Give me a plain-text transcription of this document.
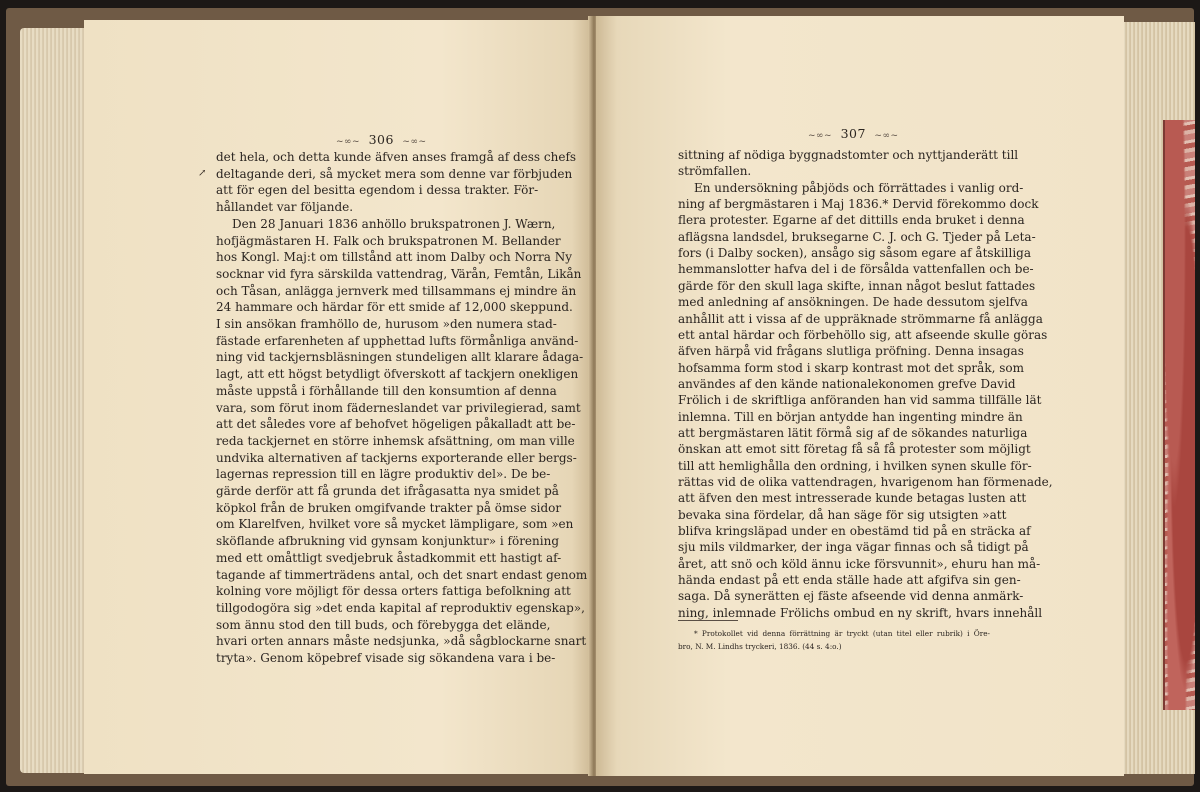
~∞~ 306 ~∞~
↗
det hela, och detta kunde äfven anses framgå af dess chefs
deltagande deri, så mycket mera som denne var förbjuden
att för egen del besitta egendom i dessa trakter. För-
hållandet var följande.
Den 28 Januari 1836 anhöllo brukspatronen J. Wærn,
hofjägmästaren H. Falk och brukspatronen M. Bellander
hos Kongl. Maj:t om tillstånd att inom Dalby och Norra Ny
socknar vid fyra särskilda vattendrag, Värån, Femtån, Likån
och Tåsan, anlägga jernverk med tillsammans ej mindre än
24 hammare och härdar för ett smide af 12,000 skeppund.
I sin ansökan framhöllo de, hurusom »den numera stad-
fästade erfarenheten af upphettad lufts förmånliga använd-
ning vid tackjernsbläsningen stundeligen allt klarare ådaga-
lagt, att ett högst betydligt öfverskott af tackjern onekligen
måste uppstå i förhållande till den konsumtion af denna
vara, som förut inom fäderneslandet var privilegierad, samt
att det således vore af behofvet högeligen påkalladt att be-
reda tackjernet en större inhemsk afsättning, om man ville
undvika alternativen af tackjerns exporterande eller bergs-
lagernas repression till en lägre produktiv del». De be-
gärde derför att få grunda det ifrågasatta nya smidet på
köpkol från de bruken omgifvande trakter på ömse sidor
om Klarelfven, hvilket vore så mycket lämpligare, som »en
sköflande afbrukning vid gynsam konjunktur» i förening
med ett omåttligt svedjebruk åstadkommit ett hastigt af-
tagande af timmerträdens antal, och det snart endast genom
kolning vore möjligt för dessa orters fattiga befolkning att
tillgodogöra sig »det enda kapital af reproduktiv egenskap»,
som ännu stod den till buds, och förebygga det elände,
hvari orten annars måste nedsjunka, »då sågblockarne snart
tryta». Genom köpebref visade sig sökandena vara i be-
~∞~ 307 ~∞~
sittning af nödiga byggnadstomter och nyttjanderätt till
strömfallen.
En undersökning påbjöds och förrättades i vanlig ord-
ning af bergmästaren i Maj 1836.* Dervid förekommo dock
flera protester. Egarne af det dittills enda bruket i denna
aflägsna landsdel, bruksegarne C. J. och G. Tjeder på Leta-
fors (i Dalby socken), ansågo sig såsom egare af åtskilliga
hemmanslotter hafva del i de försålda vattenfallen och be-
gärde för den skull laga skifte, innan något beslut fattades
med anledning af ansökningen. De hade dessutom sjelfva
anhållit att i vissa af de uppräknade strömmarne få anlägga
ett antal härdar och förbehöllo sig, att afseende skulle göras
äfven härpå vid frågans slutliga pröfning. Denna insagas
hofsamma form stod i skarp kontrast mot det språk, som
användes af den kände nationalekonomen grefve David
Frölich i de skriftliga anföranden han vid samma tillfälle lät
inlemna. Till en början antydde han ingenting mindre än
att bergmästaren lätit förmå sig af de sökandes naturliga
önskan att emot sitt företag få så få protester som möjligt
till att hemlighålla den ordning, i hvilken synen skulle för-
rättas vid de olika vattendragen, hvarigenom han förmenade,
att äfven den mest intresserade kunde betagas lusten att
bevaka sina fördelar, då han säge för sig utsigten »att
blifva kringsläpad under en obestämd tid på en sträcka af
sju mils vildmarker, der inga vägar finnas och så tidigt på
året, att snö och köld ännu icke försvunnit», ehuru han må-
hända endast på ett enda ställe hade att afgifva sin gen-
saga. Då synerätten ej fäste afseende vid denna anmärk-
ning, inlemnade Frölichs ombud en ny skrift, hvars innehåll
* Protokollet vid denna förrättning är tryckt (utan titel eller rubrik) i Öre-
bro, N. M. Lindhs tryckeri, 1836. (44 s. 4:o.)
